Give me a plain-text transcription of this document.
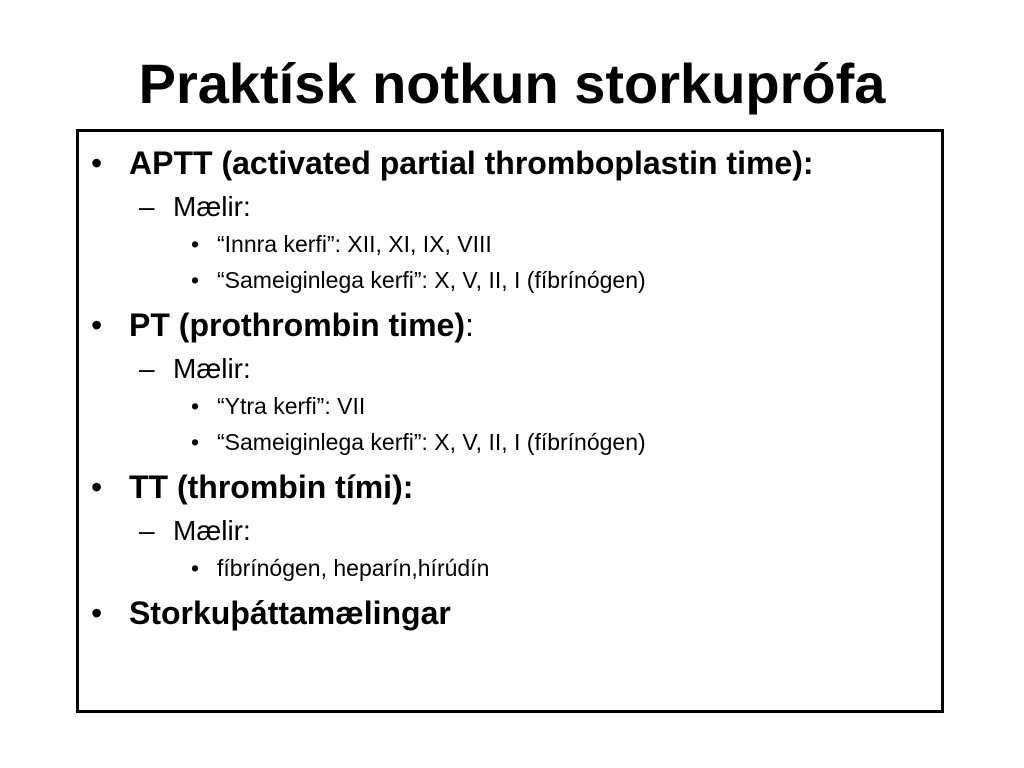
Praktísk notkun storkuprófa
• APTT (activated partial thromboplastin time):
– Mælir:
• “Innra kerfi”: XII, XI, IX, VIII
• “Sameiginlega kerfi”: X, V, II, I (fíbrínógen)
• PT (prothrombin time):
– Mælir:
• “Ytra kerfi”: VII
• “Sameiginlega kerfi”: X, V, II, I (fíbrínógen)
• TT (thrombin tími):
– Mælir:
• fíbrínógen, heparín,hírúdín
• Storkuþáttamælingar
